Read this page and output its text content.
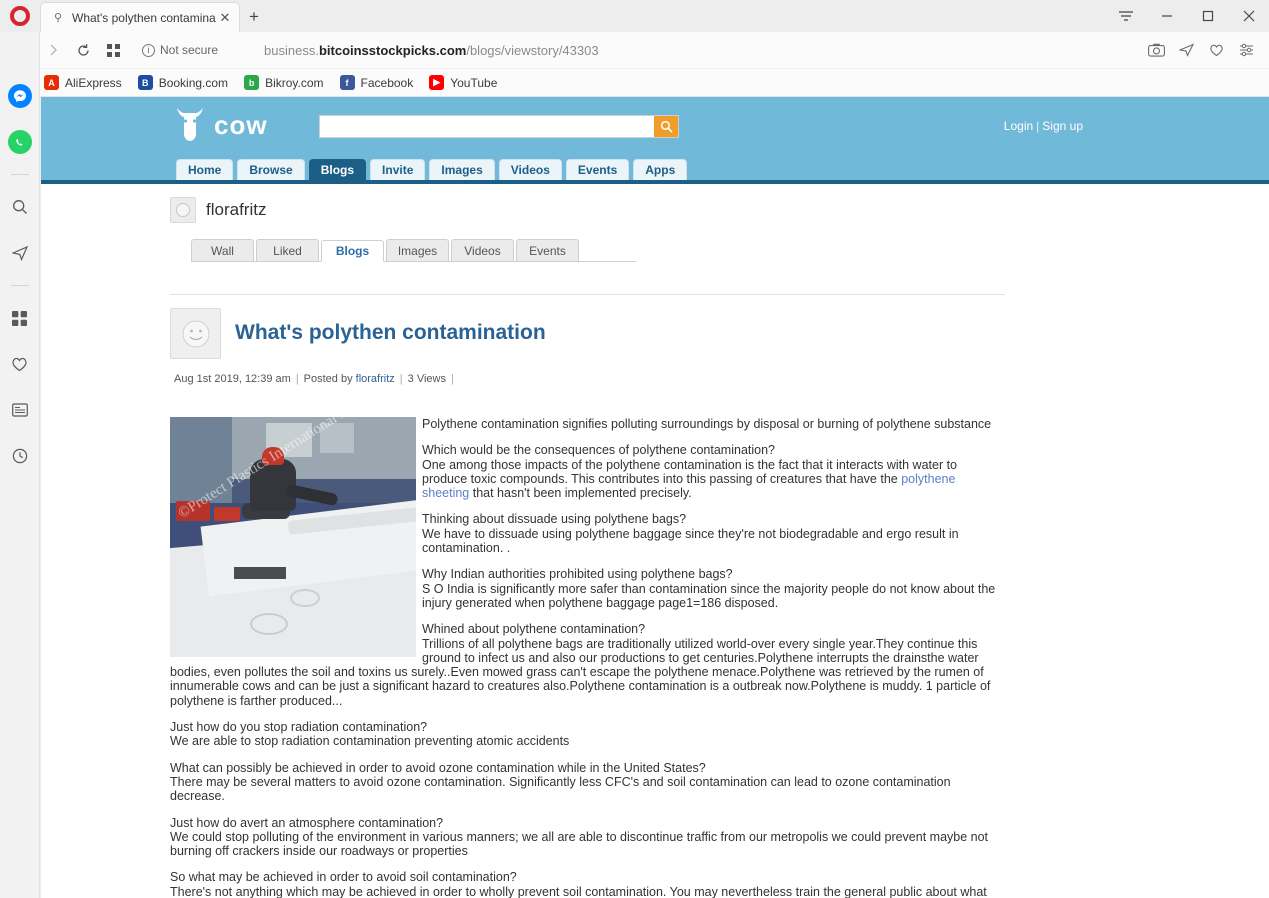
⚲ What's polythen contamina ✕	+
i Not secure	business.bitcoinsstockpicks.com/blogs/viewstory/43303
A AliExpress	B Booking.com	b Bikroy.com	f	Facebook	▶ YouTube
cow	Login | Sign up
Home	Browse	Blogs	Invite	Images	Videos	Events	Apps
florafritz
Wall	Liked	Blogs	Images	Videos	Events
What's polythen contamination
Aug 1st 2019, 12:39 am | Posted by florafritz | 3 Views |
©Protect Plastics International	Polythene contamination signifies polluting surroundings by disposal or burning of polythene substance

Which would be the consequences of polythene contamination?
One among those impacts of the polythene contamination is the fact that it interacts with water to produce toxic compounds. This contributes into this passing of creatures that have the polythene sheeting that hasn't been implemented precisely.

Thinking about dissuade using polythene bags?
We have to dissuade using polythene baggage since they're not biodegradable and ergo result in contamination. .

Why Indian authorities prohibited using polythene bags?
S O India is significantly more safer than contamination since the majority people do not know about the injury generated when polythene baggage page1=186 disposed.

Whined about polythene contamination?
Trillions of all polythene bags are traditionally utilized world-over every single year.They continue this ground to infect us and also our productions to get centuries.Polythene interrupts the drainsthe water bodies, even pollutes the soil and toxins us surely..Even mowed grass can't escape the polythene menace.Polythene was retrieved by the rumen of innumerable cows and can be just a significant hazard to creatures also.Polythene contamination is a outbreak now.Polythene is muddy. 1 particle of polythene is farther produced...

Just how do you stop radiation contamination?
We are able to stop radiation contamination preventing atomic accidents

What can possibly be achieved in order to avoid ozone contamination while in the United States?
There may be several matters to avoid ozone contamination. Significantly less CFC's and soil contamination can lead to ozone contamination decrease.

Just how do avert an atmosphere contamination?
We could stop polluting of the environment in various manners; we all are able to discontinue traffic from our metropolis we could prevent maybe not burning off crackers inside our roadways or properties

So what may be achieved in order to avoid soil contamination?
There's not anything which may be achieved in order to wholly prevent soil contamination. You may nevertheless train the general public about what
